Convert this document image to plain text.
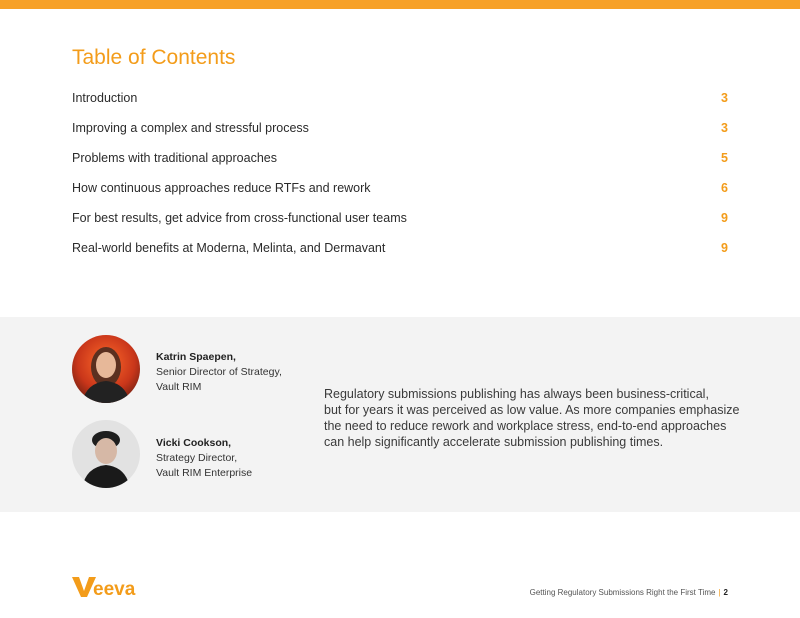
Table of Contents
Introduction	3
Improving a complex and stressful process	3
Problems with traditional approaches	5
How continuous approaches reduce RTFs and rework	6
For best results, get advice from cross-functional user teams	9
Real-world benefits at Moderna, Melinta, and Dermavant	9
Katrin Spaepen,
Senior Director of Strategy,
Vault RIM
Vicki Cookson,
Strategy Director,
Vault RIM Enterprise
Regulatory submissions publishing has always been business-critical,
but for years it was perceived as low value. As more companies emphasize
the need to reduce rework and workplace stress, end-to-end approaches
can help significantly accelerate submission publishing times.
eeva	Getting Regulatory Submissions Right the First Time | 2
